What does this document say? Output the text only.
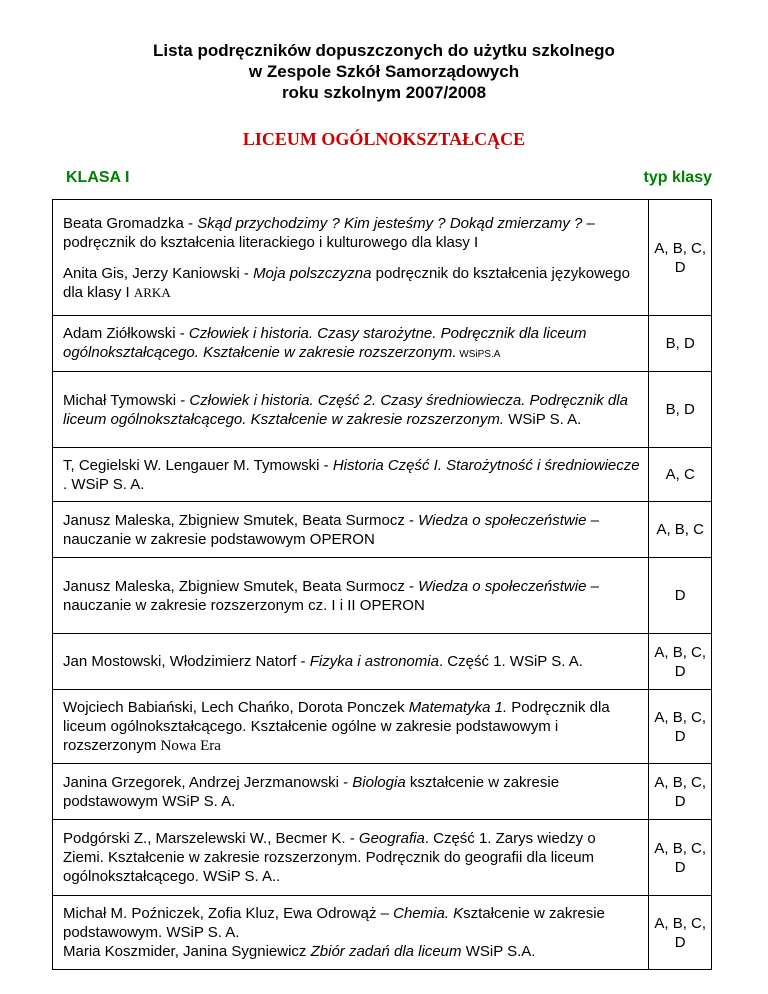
Lista podręczników dopuszczonych do użytku szkolnego
w Zespole Szkół Samorządowych
roku szkolnym 2007/2008
LICEUM OGÓLNOKSZTAŁCĄCE
KLASA I	typ klasy
Beata Gromadzka - Skąd przychodzimy ? Kim jesteśmy ? Dokąd zmierzamy ? – podręcznik do kształcenia literackiego i kulturowego dla klasy I
Anita Gis, Jerzy Kaniowski - Moja polszczyzna podręcznik do kształcenia językowego dla klasy I ARKA	A, B, C, D
Adam Ziółkowski - Człowiek i historia. Czasy starożytne. Podręcznik dla liceum ogólnokształcącego. Kształcenie w zakresie rozszerzonym. WSiPS.A	B, D
Michał Tymowski - Człowiek i historia. Część 2. Czasy średniowiecza. Podręcznik dla liceum ogólnokształcącego. Kształcenie w zakresie rozszerzonym. WSiP S. A.	B, D
T, Cegielski W. Lengauer M. Tymowski - Historia Część I. Starożytność i średniowiecze . WSiP S. A.	A, C
Janusz Maleska, Zbigniew Smutek, Beata Surmocz - Wiedza o społeczeństwie – nauczanie w zakresie podstawowym OPERON	A, B, C
Janusz Maleska, Zbigniew Smutek, Beata Surmocz - Wiedza o społeczeństwie – nauczanie w zakresie rozszerzonym cz. I i II OPERON	D
Jan Mostowski, Włodzimierz Natorf - Fizyka i astronomia. Część 1. WSiP S. A.	A, B, C, D
Wojciech Babiański, Lech Chańko, Dorota Ponczek Matematyka 1. Podręcznik dla liceum ogólnokształcącego. Kształcenie ogólne w zakresie podstawowym i rozszerzonym Nowa Era	A, B, C, D
Janina Grzegorek, Andrzej Jerzmanowski - Biologia kształcenie w zakresie podstawowym WSiP S. A.	A, B, C, D
Podgórski Z., Marszelewski W., Becmer K. - Geografia. Część 1. Zarys wiedzy o Ziemi. Kształcenie w zakresie rozszerzonym. Podręcznik do geografii dla liceum ogólnokształcącego. WSiP S. A..	A, B, C, D
Michał M. Poźniczek, Zofia Kluz, Ewa Odrowąż – Chemia. Kształcenie w zakresie podstawowym. WSiP S. A.
Maria Koszmider, Janina Sygniewicz Zbiór zadań dla liceum WSiP S.A.	A, B, C, D
